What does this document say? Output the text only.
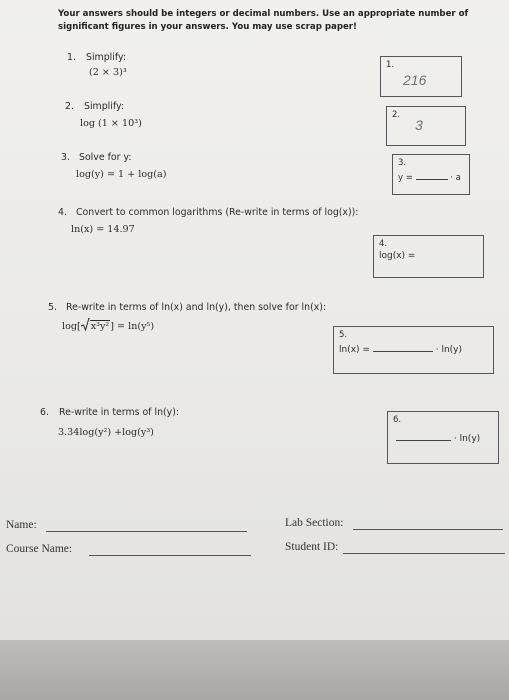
Your answers should be integers or decimal numbers. Use an appropriate number of
significant figures in your answers. You may use scrap paper!
1. Simplify:
(2 × 3)³
1.
216
2. Simplify:
log (1 × 10³)
2.
3
3. Solve for y:
log(y) = 1 + log(a)
3.
y =	· a
4. Convert to common logarithms (Re-write in terms of log(x)):
ln(x) = 14.97
4.
log(x) =
5. Re-write in terms of ln(x) and ln(y), then solve for ln(x):
log[ x³y²] = ln(y⁵)
5.
ln(x) =	· ln(y)
6. Re-write in terms of ln(y):
3.34log(y²) +log(y³)
6.
· ln(y)
Name:
Course Name:
Lab Section:
Student ID:
